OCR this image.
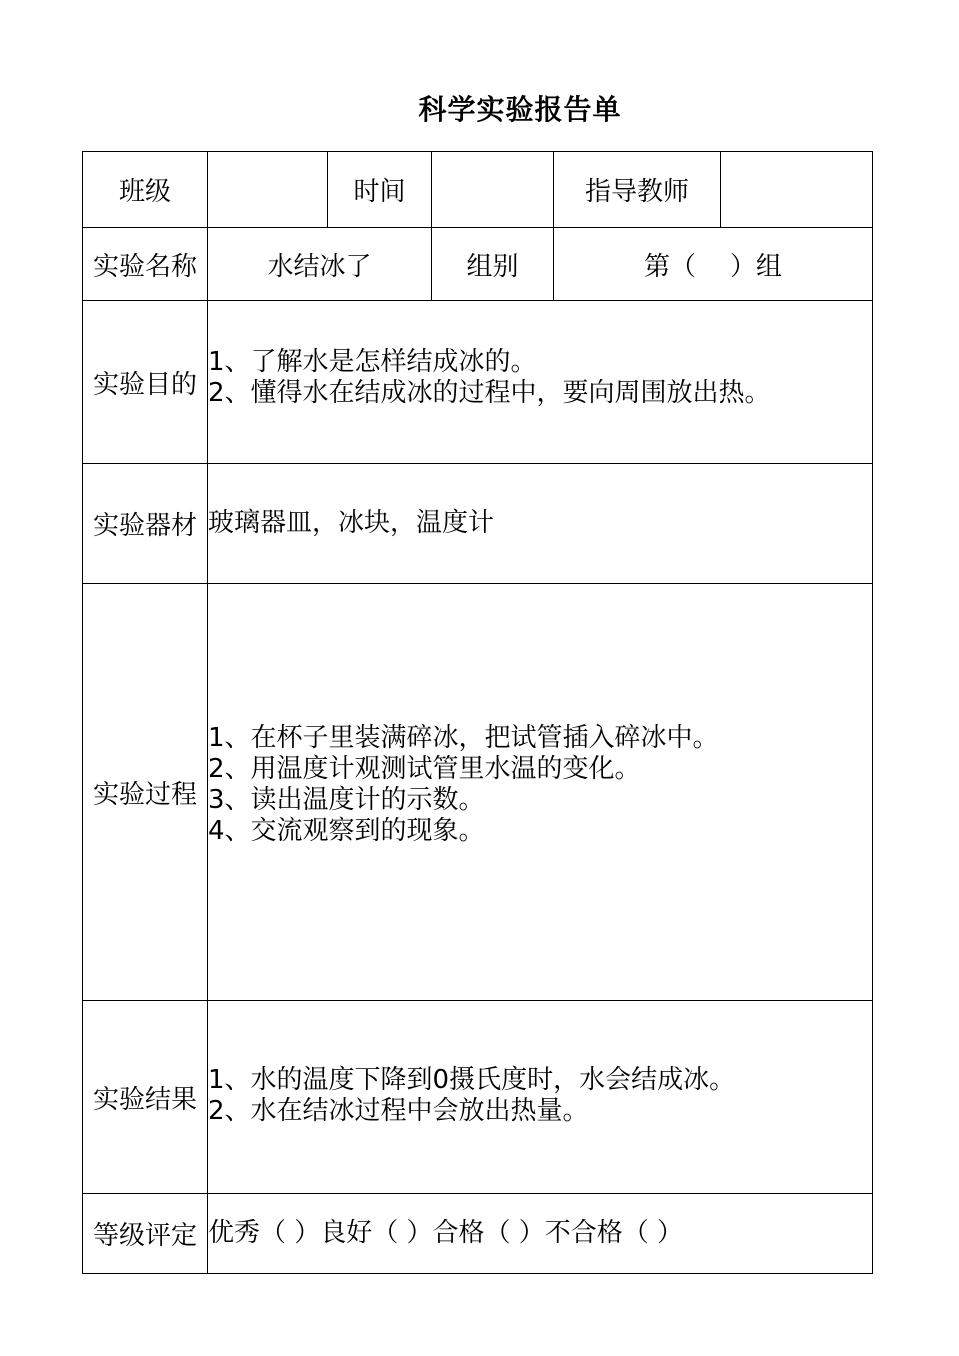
科学实验报告单
班级		时间		指导教师	
实验名称	水结冰了		组别	第（ ）组	
实验目的	1、了解水是怎样结成冰的。
2、懂得水在结成冰的过程中，要向周围放出热。				

实验器材	玻璃器皿，冰块，温度计				
实验过程	1、在杯子里装满碎冰，把试管插入碎冰中。
2、用温度计观测试管里水温的变化。
3、读出温度计的示数。
4、交流观察到的现象。				

实验结果	1、水的温度下降到0摄氏度时，水会结成冰。
2、水在结冰过程中会放出热量。				

等级评定	优秀（ ）良好（ ）合格（ ）不合格（ ）				
